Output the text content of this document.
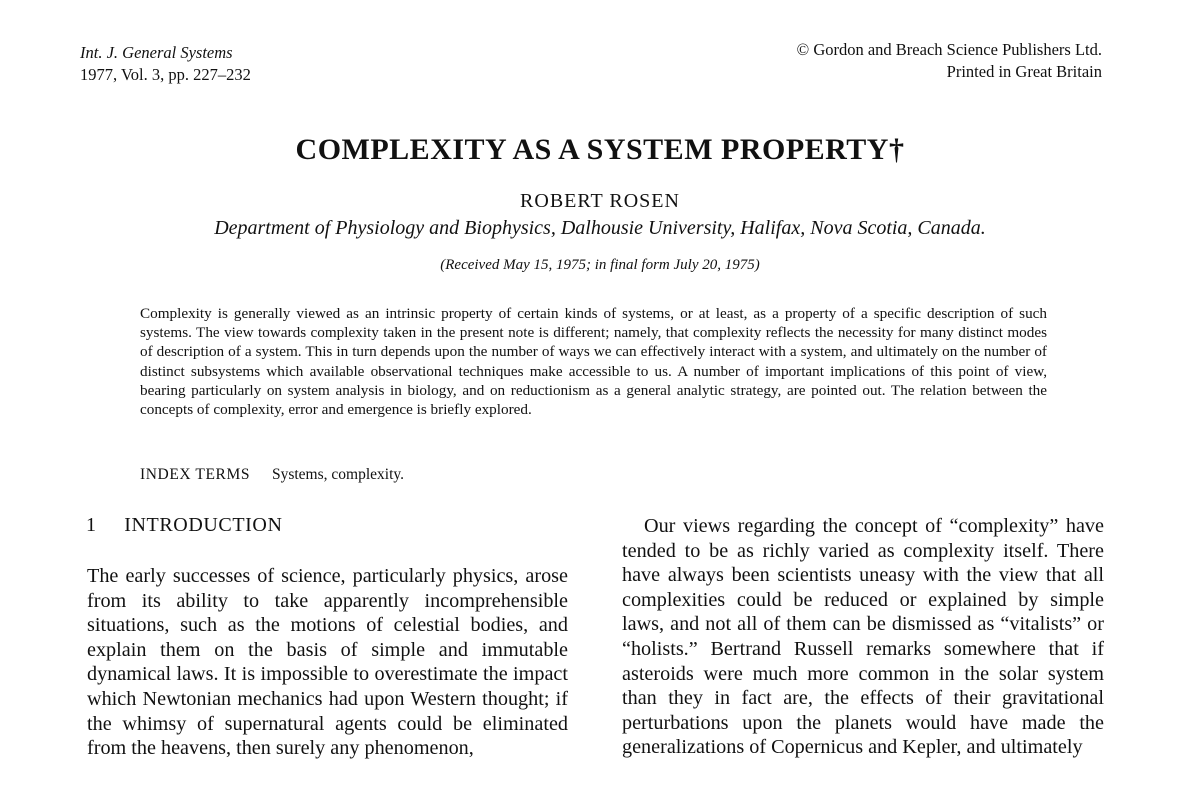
Int. J. General Systems
1977, Vol. 3, pp. 227–232
© Gordon and Breach Science Publishers Ltd.
Printed in Great Britain
COMPLEXITY AS A SYSTEM PROPERTY†
ROBERT ROSEN
Department of Physiology and Biophysics, Dalhousie University, Halifax, Nova Scotia, Canada.
(Received May 15, 1975; in final form July 20, 1975)

Complexity is generally viewed as an intrinsic property of certain kinds of systems, or at least, as a property of a specific description of such systems. The view towards complexity taken in the present note is different; namely, that complexity reflects the necessity for many distinct modes of description of a system. This in turn depends upon the number of ways we can effectively interact with a system, and ultimately on the number of distinct subsystems which available observational techniques make accessible to us. A number of important implications of this point of view, bearing particularly on system analysis in biology, and on reductionism as a general analytic strategy, are pointed out. The relation between the concepts of complexity, error and emergence is briefly explored.

INDEX TERMS Systems, complexity.
1 INTRODUCTION

The early successes of science, particularly physics, arose from its ability to take apparently incomprehensible situations, such as the motions of celestial bodies, and explain them on the basis of simple and immutable dynamical laws. It is impossible to overestimate the impact which Newtonian mechanics had upon Western thought; if the whimsy of supernatural agents could be eliminated from the heavens, then surely any phenomenon,

Our views regarding the concept of “complexity” have tended to be as richly varied as complexity itself. There have always been scientists uneasy with the view that all complexities could be reduced or explained by simple laws, and not all of them can be dismissed as “vitalists” or “holists.” Bertrand Russell remarks somewhere that if asteroids were much more common in the solar system than they in fact are, the effects of their gravitational perturbations upon the planets would have made the generalizations of Copernicus and Kepler, and ultimately
